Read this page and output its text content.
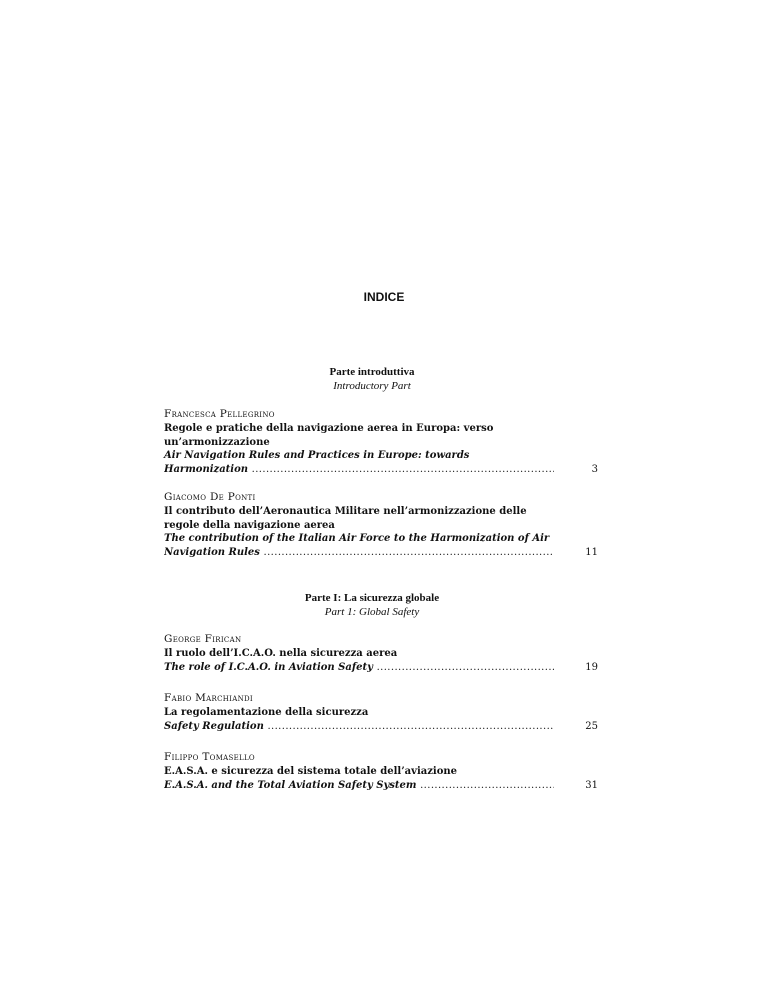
INDICE
Parte introduttiva
Introductory Part
Francesca Pellegrino
Regole e pratiche della navigazione aerea in Europa: verso
un’armonizzazione
Air Navigation Rules and Practices in Europe: towards
Harmonization .....	3
Giacomo De Ponti
Il contributo dell’Aeronautica Militare nell’armonizzazione delle
regole della navigazione aerea
The contribution of the Italian Air Force to the Harmonization of Air
Navigation Rules .....	11
Parte I: La sicurezza globale
Part 1: Global Safety
George Firican
Il ruolo dell’I.C.A.O. nella sicurezza aerea
The role of I.C.A.O. in Aviation Safety .....	19
Fabio Marchiandi
La regolamentazione della sicurezza
Safety Regulation .....	25
Filippo Tomasello
E.A.S.A. e sicurezza del sistema totale dell’aviazione
E.A.S.A. and the Total Aviation Safety System .....	31
